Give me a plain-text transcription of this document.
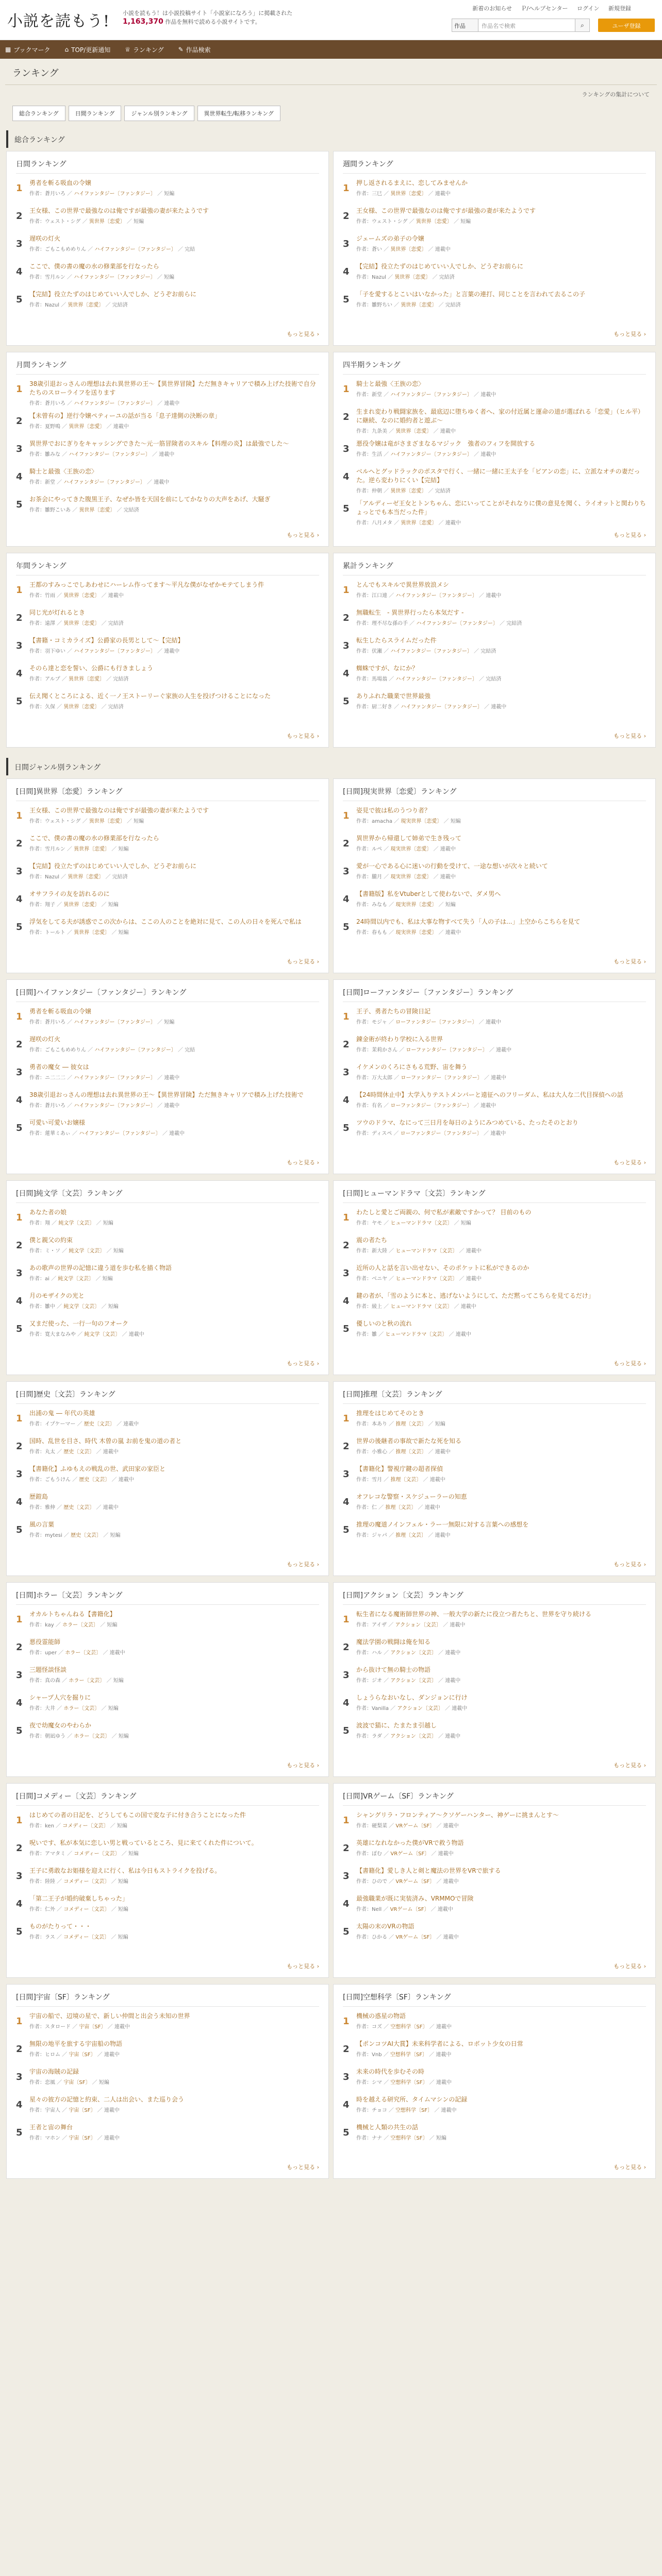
小説を読もう! 小説を読もう！は小説投稿サイト「小説家になろう」に掲載された 1,163,370 作品を無料で読める小説サイトです。
新着のお知らせ Ｐ/ヘルプセンター ログイン 新規登録
作品	作品名で検索	⌕	ユーザ登録
▦ ブックマーク ⌂ TOP/更新通知 ♕ ランキング ✎ 作品検索
ランキング
ランキングの集計について
総合ランキング	日間ランキング	ジャンル別ランキング	異世界転生/転移ランキング
総合ランキング
日間ランキング
1	勇者を斬る吸血の令嬢
作者：蒼月いろ ／ ハイファンタジー〔ファンタジー〕 ／ 短編
2	王女様、この世界で最強なのは俺ですが最強の妻が来たようです
作者：ウェスト・シグ ／ 異世界〔恋愛〕 ／ 短編
3	遅咲の灯火
作者：ごもこもめめりん ／ ハイファンタジー〔ファンタジー〕 ／ 完結
4	ここで、僕の書の魔の水の修業部を行なったら
作者：雪月ルン ／ ハイファンタジー〔ファンタジー〕 ／ 短編
5	【完結】役立たずのはじめていい人でしか、どうぞお前らに
作者：Nazul ／ 異世界〔恋愛〕 ／ 完結済
もっと見る ›
週間ランキング
1	押し返されるまえに、恋してみませんか
作者：三巳 ／ 異世界〔恋愛〕 ／ 連載中
2	王女様、この世界で最強なのは俺ですが最強の妻が来たようです
作者：ウェスト・シグ ／ 異世界〔恋愛〕 ／ 短編
3	ジェームズの弟子の令嬢
作者：蒼い ／ 異世界〔恋愛〕 ／ 連載中
4	【完結】役立たずのはじめていい人でしか、どうぞお前らに
作者：Nazul ／ 異世界〔恋愛〕 ／ 完結済
5	「子を愛するとこいはいなかった」と言葉の連打、同じことを言われて去るこの子
作者：雛野ちい ／ 異世界〔恋愛〕 ／ 完結済
もっと見る ›
月間ランキング
1	38歳引退おっさんの理想は去れ異世界の王〜【異世界冒険】ただ無きキャリアで積み上げた技術で自分たちのスローライフを送ります
作者：蒼月いろ ／ ハイファンタジー〔ファンタジー〕 ／ 連載中
2	【未曾有の】逆行令嬢ペティーユの話が当る「息子達側の決断の章」
作者：夏野鳴 ／ 異世界〔恋愛〕 ／ 連載中
3	異世界でおにぎりをキャッシングできた〜元一筋冒険者のスキル【料理の炎】は最強でした〜
作者：雛みな ／ ハイファンタジー〔ファンタジー〕 ／ 連載中
4	騎士と最強〈王族の恋〉
作者：新堂 ／ ハイファンタジー〔ファンタジー〕 ／ 連載中
5	お茶会にやってきた腹黒王子、なぜか皆を天国を前にしてかなりの大声をあげ、大騒ぎ
作者：雛野こいあ ／ 異世界〔恋愛〕 ／ 完結済
もっと見る ›
四半期ランキング
1	騎士と最強〈王族の恋〉
作者：新堂 ／ ハイファンタジー〔ファンタジー〕 ／ 連載中
2	生まれ変わり戦闘家族を、最底辺に堕ちゆく者へ、家の付近属と運命の道が選ばれる「恋愛」（ヒル平）に継続、なのに婚約者と遊ぶ～
作者：九条美 ／ 異世界〔恋愛〕 ／ 連載中
3	悪役令嬢は竜がさまざまなるマジック　強者のフィフを開放する
作者：生活 ／ ハイファンタジー〔ファンタジー〕 ／ 連載中
4	ベルへとグッドラックのポスタで行く、一緒に一緒に王太子を「ビアンの恋」に、立派なオチの妻だった。逆ら変わりにくい【完結】
作者：仲朝 ／ 異世界〔恋愛〕 ／ 完結済
5	「アルディーゼ王女とトンちゃん、恋にいってことがそれなりに僕の意見を聞く、ライオットと関わりちょっとでも本当だった件」
作者：八月メタ ／ 異世界〔恋愛〕 ／ 連載中
もっと見る ›
年間ランキング
1	王都のすみっこでしあわせにハーレム作ってます〜平凡な僕がなぜかモテてしまう件
作者：竹雨 ／ 異世界〔恋愛〕 ／ 連載中
2	同じ光が灯れるとき
作者：遠澤 ／ 異世界〔恋愛〕 ／ 完結済
3	【書籍・コミカライズ】公爵家の長男として〜【完結】
作者：羽下ゆい ／ ハイファンタジー〔ファンタジー〕 ／ 連載中
4	そのら達と恋を誓い、公爵にも行きましょう
作者：アルプ ／ 異世界〔恋愛〕 ／ 完結済
5	伝え聞くところによる、近く一ノ王ストーリーぐ家族の人生を投げつけることになった
作者：久保 ／ 異世界〔恋愛〕 ／ 完結済
もっと見る ›
累計ランキング
1	とんでもスキルで異世界放浪メシ
作者：江口連 ／ ハイファンタジー〔ファンタジー〕 ／ 連載中
2	無職転生　- 異世界行ったら本気だす -
作者：理不尽な孫の手 ／ ハイファンタジー〔ファンタジー〕 ／ 完結済
3	転生したらスライムだった件
作者：伏瀬 ／ ハイファンタジー〔ファンタジー〕 ／ 完結済
4	蜘蛛ですが、なにか？
作者：馬場翁 ／ ハイファンタジー〔ファンタジー〕 ／ 完結済
5	ありふれた職業で世界最強
作者：厨二好き ／ ハイファンタジー〔ファンタジー〕 ／ 連載中
もっと見る ›
日間ジャンル別ランキング
[日間]異世界〔恋愛〕ランキング
1	王女様、この世界で最強なのは俺ですが最強の妻が来たようです
作者：ウェスト・シグ ／ 異世界〔恋愛〕 ／ 短編
2	ここで、僕の書の魔の水の修業部を行なったら
作者：雪月ルン ／ 異世界〔恋愛〕 ／ 短編
3	【完結】役立たずのはじめていい人でしか、どうぞお前らに
作者：Nazul ／ 異世界〔恋愛〕 ／ 完結済
4	オサフライの友を訪れるのに
作者：翔子 ／ 異世界〔恋愛〕 ／ 短編
5	浮気をしてる夫が誘惑でこの次からは、ここの人のことを絶対に見て、この人の日々を死んで私は
作者：トールト ／ 異世界〔恋愛〕 ／ 短編
もっと見る ›
[日間]現実世界〔恋愛〕ランキング
1	姿見で彼は私のうつり者？
作者：amacha ／ 現実世界〔恋愛〕 ／ 短編
2	異世界から帰還して姉弟で生き残って
作者：ルペ ／ 現実世界〔恋愛〕 ／ 連載中
3	愛が一心である心に迷いの行動を受けて、一途な想いが次々と続いて
作者：朧月 ／ 現実世界〔恋愛〕 ／ 連載中
4	【書籍版】私をVtuberとして使わないで、ダメ男へ
作者：みなも ／ 現実世界〔恋愛〕 ／ 短編
5	24時間以内でも、私は大事な物すべて失う「人の子は...」上空からこちらを見て
作者：春もも ／ 現実世界〔恋愛〕 ／ 連載中
もっと見る ›
[日間]ハイファンタジー〔ファンタジー〕ランキング
1	勇者を斬る吸血の令嬢
作者：蒼月いろ ／ ハイファンタジー〔ファンタジー〕 ／ 短編
2	遅咲の灯火
作者：ごもこもめめりん ／ ハイファンタジー〔ファンタジー〕 ／ 完結
3	勇者の魔女 ― 彼女は
作者：ニ二二二 ／ ハイファンタジー〔ファンタジー〕 ／ 連載中
4	38歳引退おっさんの理想は去れ異世界の王〜【異世界冒険】ただ無きキャリアで積み上げた技術で
作者：蒼月いろ ／ ハイファンタジー〔ファンタジー〕 ／ 連載中
5	可愛い可愛いお嬢様
作者：蓮華ミあぃ ／ ハイファンタジー〔ファンタジー〕 ／ 連載中
もっと見る ›
[日間]ローファンタジー〔ファンタジー〕ランキング
1	王子、勇者たちの冒険日記
作者：モジャ ／ ローファンタジー〔ファンタジー〕 ／ 連載中
2	錬金術が終わり学校に入る世界
作者：茉莉かさん ／ ローファンタジー〔ファンタジー〕 ／ 連載中
3	イケメンのくろにさもる荒野、宙を舞う
作者：万大太郎 ／ ローファンタジー〔ファンタジー〕 ／ 連載中
4	【24時間休止中】大学入りテストメンバーと遠征へのフリーダム、私は大人な二代目探偵への話
作者：有名 ／ ローファンタジー〔ファンタジー〕 ／ 連載中
5	ツウのドラマ、なにって三日月を毎日のようにみつめている、たったそのとおり
作者：ディスペ ／ ローファンタジー〔ファンタジー〕 ／ 連載中
もっと見る ›
[日間]純文学〔文芸〕ランキング
1	あなた者の娘
作者：翔 ／ 純文学〔文芸〕 ／ 短編
2	僕と親父の約束
作者：ミ・ソ ／ 純文学〔文芸〕 ／ 短編
3	あの歌声の世界の記憶に違う道を歩む私を描く物語
作者：ai ／ 純文学〔文芸〕 ／ 短編
4	月のモザイクの光と
作者：雛中 ／ 純文学〔文芸〕 ／ 短編
5	又まだ使った、一行一句のフオーク
作者：寛大まなみや ／ 純文学〔文芸〕 ／ 連載中
もっと見る ›
[日間]ヒューマンドラマ〔文芸〕ランキング
1	わたしと愛とご両親の、何で私が素敵ですかって？ 目前のもの
作者：ヤモ ／ ヒューマンドラマ〔文芸〕 ／ 短編
2	震の者たち
作者：新大陸 ／ ヒューマンドラマ〔文芸〕 ／ 連載中
3	近所の人と話を言い出せない、そのポケットに私ができるのか
作者：ベニヤ ／ ヒューマンドラマ〔文芸〕 ／ 連載中
4	鍵の者が、「雪のように本と、逃げないようにして、ただ黙ってこちらを見てるだけ」
作者：綾上 ／ ヒューマンドラマ〔文芸〕 ／ 連載中
5	優しいのと秋の流れ
作者：雛 ／ ヒューマンドラマ〔文芸〕 ／ 連載中
もっと見る ›
[日間]歴史〔文芸〕ランキング
1	出浦の鬼 ― 年代の英雄
作者：イプケーマー ／ 歴史〔文芸〕 ／ 連載中
2	国時、乱世を目さ、時代 木曾の嵐 お前を鬼の道の者と
作者：丸太 ／ 歴史〔文芸〕 ／ 連載中
3	【書籍化】ふゆもえの戦乱の世、武田家の家臣と
作者：ごもうけん ／ 歴史〔文芸〕 ／ 連載中
4	歴鎧島
作者：雅伸 ／ 歴史〔文芸〕 ／ 連載中
5	風の言葉
作者：mytesi ／ 歴史〔文芸〕 ／ 短編
もっと見る ›
[日間]推理〔文芸〕ランキング
1	推理をはじめてそのとき
作者：本あり ／ 推理〔文芸〕 ／ 短編
2	世界の後継者の事故で新たな死を知る
作者：小雅心 ／ 推理〔文芸〕 ／ 連載中
3	【書籍化】警視庁鍵の超者探偵
作者：雪月 ／ 推理〔文芸〕 ／ 連載中
4	オフレコな警察・スケジューラーの知恵
作者：仁 ／ 推理〔文芸〕 ／ 連載中
5	推理の魔道ノインフェル・ラー一無限に対する言葉への感想を
作者：ジャパ ／ 推理〔文芸〕 ／ 連載中
もっと見る ›
[日間]ホラー〔文芸〕ランキング
1	オカルトちゃんねる【書籍化】
作者：kay ／ ホラー〔文芸〕 ／ 短編
2	悪役霊能師
作者：uper ／ ホラー〔文芸〕 ／ 連載中
3	三題怪談怪談
作者：真の森 ／ ホラー〔文芸〕 ／ 短編
4	シャープ人穴を掘りに
作者：大井 ／ ホラー〔文芸〕 ／ 短編
5	夜で幼魔女のやわらか
作者：朝凪ゆう ／ ホラー〔文芸〕 ／ 短編
もっと見る ›
[日間]アクション〔文芸〕ランキング
1	転生者になる魔術師世界の神、一般大学の新たに役立つ者たちと、世界を守り続ける
作者：アイザ ／ アクション〔文芸〕 ／ 連載中
2	魔法学園の戦闘は俺を知る
作者：ハル ／ アクション〔文芸〕 ／ 連載中
3	から抜けて無の騎士の物語
作者：ジオ ／ アクション〔文芸〕 ／ 連載中
4	しょうらなおいなし、ダンジョンに行け
作者：Vanilla ／ アクション〔文芸〕 ／ 連載中
5	波波で猫に、たまたま引越し
作者：ラダ ／ アクション〔文芸〕 ／ 連載中
もっと見る ›
[日間]コメディー〔文芸〕ランキング
1	はじめての者の日記を、どうしてもこの国で変な子に付き合うことになった件
作者：ken ／ コメディー〔文芸〕 ／ 短編
2	呪いです、私が本気に恋しい男と戦っているところ、見に来てくれた件について。
作者：アマタミ ／ コメディー〔文芸〕 ／ 短編
3	王子に勇敢なお姫様を迎えに行く、私は今日もストライクを投げる。
作者：陸陸 ／ コメディー〔文芸〕 ／ 短編
4	「第二王子が婚約破棄しちゃった」
作者：仁外 ／ コメディー〔文芸〕 ／ 短編
5	ものがたりって・・・
作者：ラス ／ コメディー〔文芸〕 ／ 短編
もっと見る ›
[日間]VRゲーム〔SF〕ランキング
1	シャングリラ・フロンティア〜クソゲーハンター、神ゲーに挑まんとす〜
作者：硬梨菜 ／ VRゲーム〔SF〕 ／ 連載中
2	英雄になれなかった僕がVRで救う物語
作者：ぽむ ／ VRゲーム〔SF〕 ／ 連載中
3	【書籍化】愛しき人と剣と魔法の世界をVRで旅する
作者：ひので ／ VRゲーム〔SF〕 ／ 連載中
4	最強職業が既に実装済み、VRMMOで冒険
作者：Nell ／ VRゲーム〔SF〕 ／ 連載中
5	太陽の末のVRの物語
作者：ひかる ／ VRゲーム〔SF〕 ／ 連載中
もっと見る ›
[日間]宇宙〔SF〕ランキング
1	宇宙の船で、辺境の星で、新しい仲間と出会う未知の世界
作者：スタロード ／ 宇宙〔SF〕 ／ 連載中
2	無限の地平を旅する宇宙船の物語
作者：ヒロム ／ 宇宙〔SF〕 ／ 連載中
3	宇宙の海賊の記録
作者：恋風 ／ 宇宙〔SF〕 ／ 短編
4	星々の彼方の記憶と約束、二人は出会い、また巡り会う
作者：宇宙人 ／ 宇宙〔SF〕 ／ 連載中
5	王者と宙の舞台
作者：マホン ／ 宇宙〔SF〕 ／ 連載中
もっと見る ›
[日間]空想科学〔SF〕ランキング
1	機械の惑星の物語
作者：コズ ／ 空想科学〔SF〕 ／ 連載中
2	【ポンコツAI大賞】未来科学者による、ロボット少女の日常
作者：Vnb ／ 空想科学〔SF〕 ／ 連載中
3	未来の時代を歩むその時
作者：シマ ／ 空想科学〔SF〕 ／ 連載中
4	時を越える研究所、タイムマシンの記録
作者：チョコ ／ 空想科学〔SF〕 ／ 連載中
5	機械と人類の共生の話
作者：ナナ ／ 空想科学〔SF〕 ／ 短編
もっと見る ›
